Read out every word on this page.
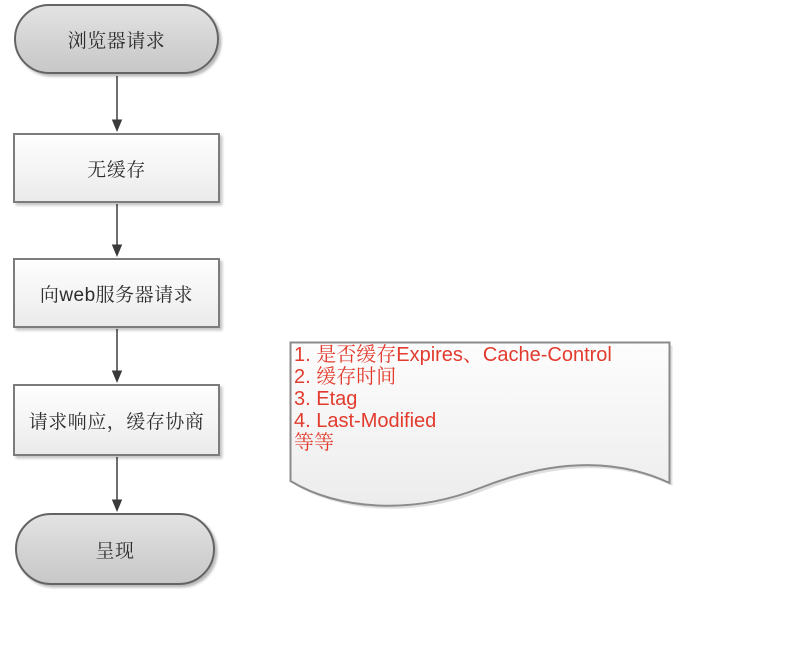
浏览器请求
无缓存
向web服务器请求
请求响应，缓存协商
呈现
1. 是否缓存Expires、Cache-Control
2. 缓存时间
3. Etag
4. Last-Modified
等等
